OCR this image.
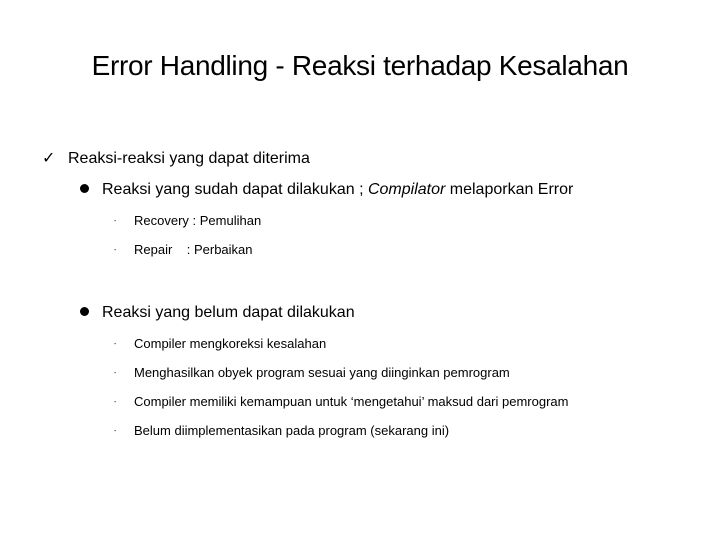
Error Handling - Reaksi terhadap Kesalahan
✓ Reaksi-reaksi yang dapat diterima
Reaksi yang sudah dapat dilakukan ; Compilator melaporkan Error
- Recovery : Pemulihan
- Repair    : Perbaikan
Reaksi yang belum dapat dilakukan
- Compiler mengkoreksi kesalahan
- Menghasilkan obyek program sesuai yang diinginkan pemrogram
- Compiler memiliki kemampuan untuk ‘mengetahui’ maksud dari pemrogram
- Belum diimplementasikan pada program (sekarang ini)
